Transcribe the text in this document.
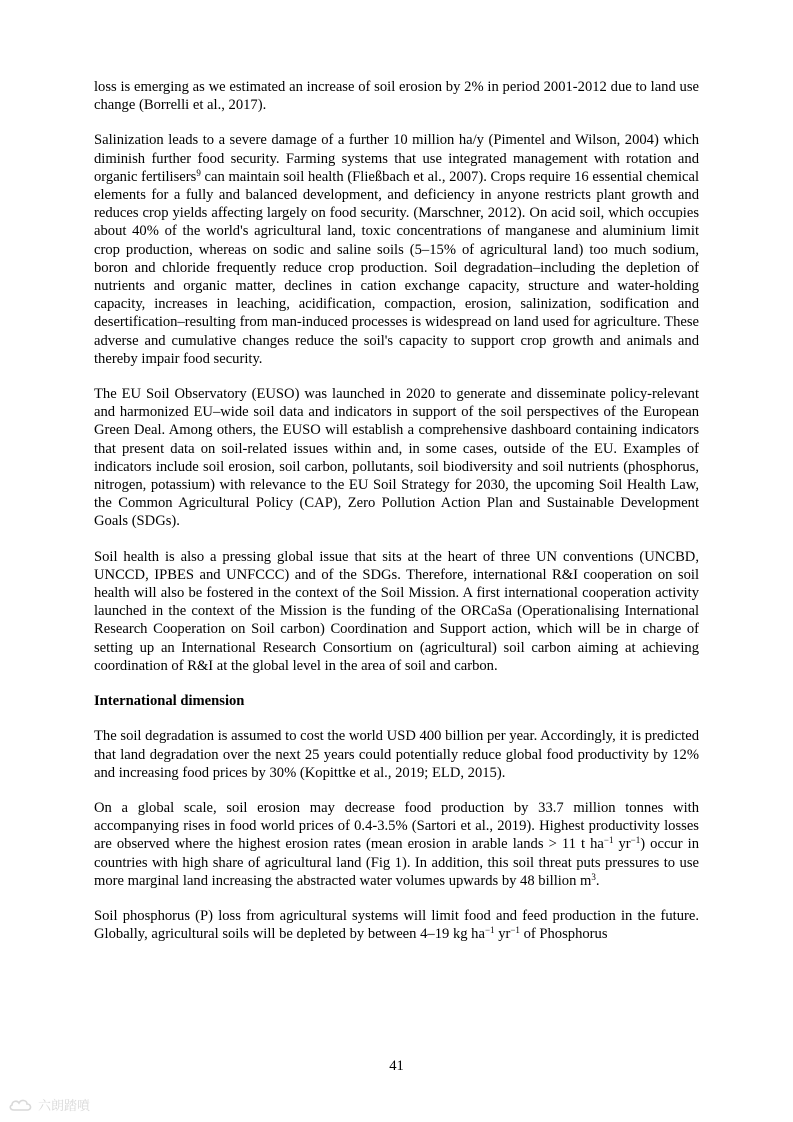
loss is emerging as we estimated an increase of soil erosion by 2% in period 2001-2012 due to land use change (Borrelli et al., 2017).

Salinization leads to a severe damage of a further 10 million ha/y (Pimentel and Wilson, 2004) which diminish further food security. Farming systems that use integrated management with rotation and organic fertilisers$^9$ can maintain soil health (Fließbach et al., 2007). Crops require 16 essential chemical elements for a fully and balanced development, and deficiency in anyone restricts plant growth and reduces crop yields affecting largely on food security. (Marschner, 2012). On acid soil, which occupies about 40% of the world's agricultural land, toxic concentrations of manganese and aluminium limit crop production, whereas on sodic and saline soils (5–15% of agricultural land) too much sodium, boron and chloride frequently reduce crop production. Soil degradation–including the depletion of nutrients and organic matter, declines in cation exchange capacity, structure and water-holding capacity, increases in leaching, acidification, compaction, erosion, salinization, sodification and desertification–resulting from man-induced processes is widespread on land used for agriculture. These adverse and cumulative changes reduce the soil's capacity to support crop growth and animals and thereby impair food security.

The EU Soil Observatory (EUSO) was launched in 2020 to generate and disseminate policy-relevant and harmonized EU–wide soil data and indicators in support of the soil perspectives of the European Green Deal. Among others, the EUSO will establish a comprehensive dashboard containing indicators that present data on soil-related issues within and, in some cases, outside of the EU. Examples of indicators include soil erosion, soil carbon, pollutants, soil biodiversity and soil nutrients (phosphorus, nitrogen, potassium) with relevance to the EU Soil Strategy for 2030, the upcoming Soil Health Law, the Common Agricultural Policy (CAP), Zero Pollution Action Plan and Sustainable Development Goals (SDGs).

Soil health is also a pressing global issue that sits at the heart of three UN conventions (UNCBD, UNCCD, IPBES and UNFCCC) and of the SDGs. Therefore, international R&I cooperation on soil health will also be fostered in the context of the Soil Mission. A first international cooperation activity launched in the context of the Mission is the funding of the ORCaSa (Operationalising International Research Cooperation on Soil carbon) Coordination and Support action, which will be in charge of setting up an International Research Consortium on (agricultural) soil carbon aiming at achieving coordination of R&I at the global level in the area of soil and carbon.

International dimension

The soil degradation is assumed to cost the world USD 400 billion per year. Accordingly, it is predicted that land degradation over the next 25 years could potentially reduce global food productivity by 12% and increasing food prices by 30% (Kopittke et al., 2019; ELD, 2015).

On a global scale, soil erosion may decrease food production by 33.7 million tonnes with accompanying rises in food world prices of 0.4-3.5% (Sartori et al., 2019). Highest productivity losses are observed where the highest erosion rates (mean erosion in arable lands > 11 t $ha^{-1}$ $yr^{-1}$) occur in countries with high share of agricultural land (Fig 1). In addition, this soil threat puts pressures to use more marginal land increasing the abstracted water volumes upwards by 48 billion $m^3$.

Soil phosphorus (P) loss from agricultural systems will limit food and feed production in the future. Globally, agricultural soils will be depleted by between 4–19 kg $ha^{-1}$ $yr^{-1}$ of Phosphorus

41
六朗踏噴
